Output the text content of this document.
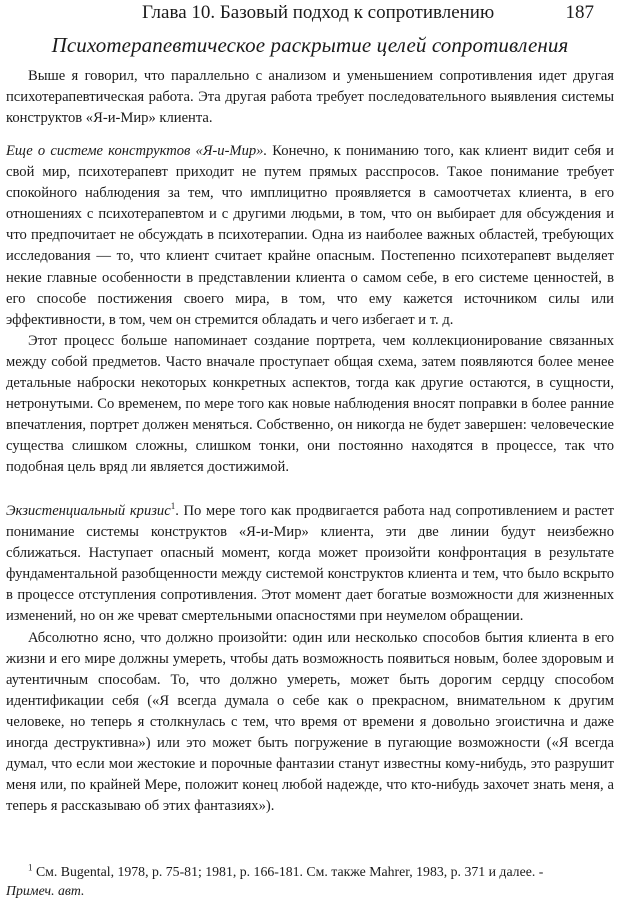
Глава 10. Базовый подход к сопротивлению	187
Психотерапевтическое раскрытие целей сопротивления

Выше я говорил, что параллельно с анализом и уменьшением сопротивления идет другая психотерапевтическая работа. Эта другая работа требует последовательного выявления системы конструктов «Я-и-Мир» клиента.

Еще о системе конструктов «Я-и-Мир». Конечно, к пониманию того, как клиент видит себя и свой мир, психотерапевт приходит не путем прямых расспросов. Такое понимание требует спокойного наблюдения за тем, что имплицитно проявляется в самоотчетах клиента, в его отношениях с психотерапевтом и с другими людьми, в том, что он выбирает для обсуждения и что предпочитает не обсуждать в психотерапии. Одна из наиболее важных областей, требующих исследования — то, что клиент считает крайне опасным. Постепенно психотерапевт выделяет некие главные особенности в представлении клиента о самом себе, в его системе ценностей, в его способе постижения своего мира, в том, что ему кажется источником силы или эффективности, в том, чем он стремится обладать и чего избегает и т. д.

Этот процесс больше напоминает создание портрета, чем коллекционирование связанных между собой предметов. Часто вначале проступает общая схема, затем появляются более менее детальные наброски некоторых конкретных аспектов, тогда как другие остаются, в сущности, нетронутыми. Со временем, по мере того как новые наблюдения вносят поправки в более ранние впечатления, портрет должен меняться. Собственно, он никогда не будет завершен: человеческие существа слишком сложны, слишком тонки, они постоянно находятся в процессе, так что подобная цель вряд ли является достижимой.

Экзистенциальный кризис$^1$. По мере того как продвигается работа над сопротивлением и растет понимание системы конструктов «Я-и-Мир» клиента, эти две линии будут неизбежно сближаться. Наступает опасный момент, когда может произойти конфронтация в результате фундаментальной разобщенности между системой конструктов клиента и тем, что было вскрыто в процессе отступления сопротивления. Этот момент дает богатые возможности для жизненных изменений, но он же чреват смертельными опасностями при неумелом обращении.

Абсолютно ясно, что должно произойти: один или несколько способов бытия клиента в его жизни и его мире должны умереть, чтобы дать возможность появиться новым, более здоровым и аутентичным способам. То, что должно умереть, может быть дорогим сердцу способом идентификации себя («Я всегда думала о себе как о прекрасном, внимательном к другим человеке, но теперь я столкнулась с тем, что время от времени я довольно эгоистична и даже иногда деструктивна») или это может быть погружение в пугающие возможности («Я всегда думал, что если мои жестокие и порочные фантазии станут известны кому-нибудь, это разрушит меня или, по крайней Мере, положит конец любой надежде, что кто-нибудь захочет знать меня, а теперь я рассказываю об этих фантазиях»).

$^1$ См. Bugental, 1978, р. 75-81; 1981, р. 166-181. См. также Mahrer, 1983, р. 371 и далее. -
Примеч. авт.
